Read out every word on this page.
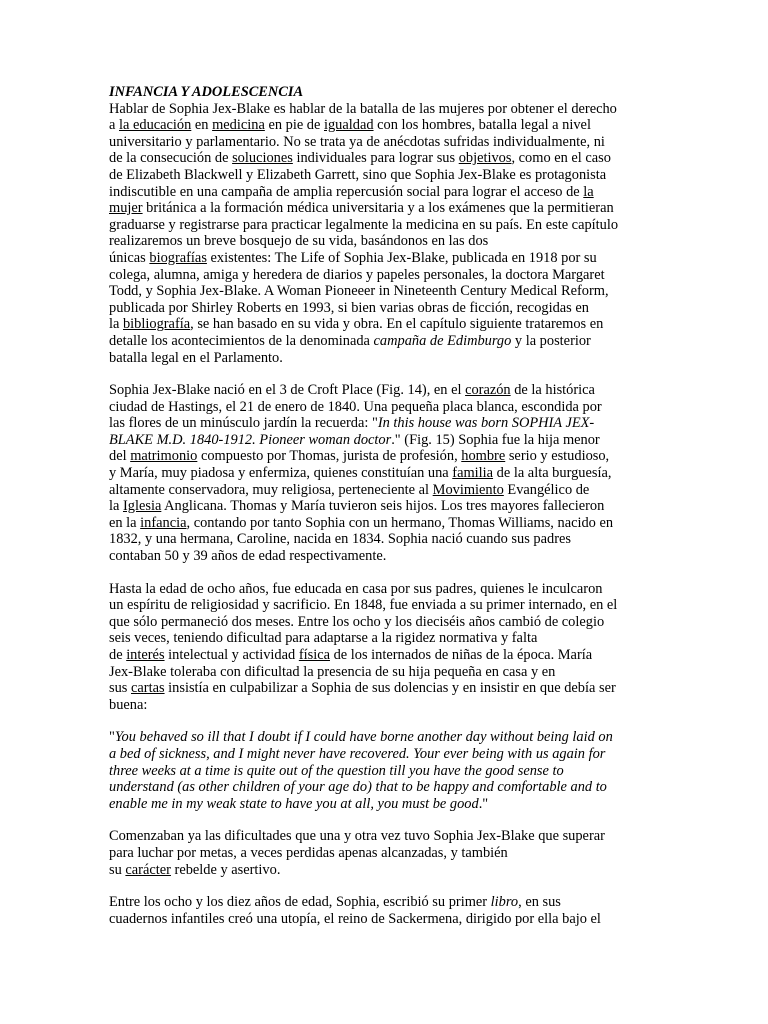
INFANCIA Y ADOLESCENCIA
Hablar de Sophia Jex-Blake es hablar de la batalla de las mujeres por obtener el derecho
a la educación en medicina en pie de igualdad con los hombres, batalla legal a nivel
universitario y parlamentario. No se trata ya de anécdotas sufridas individualmente, ni
de la consecución de soluciones individuales para lograr sus objetivos, como en el caso
de Elizabeth Blackwell y Elizabeth Garrett, sino que Sophia Jex-Blake es protagonista
indiscutible en una campaña de amplia repercusión social para lograr el acceso de la
mujer británica a la formación médica universitaria y a los exámenes que la permitieran
graduarse y registrarse para practicar legalmente la medicina en su país. En este capítulo
realizaremos un breve bosquejo de su vida, basándonos en las dos
únicas biografías existentes: The Life of Sophia Jex-Blake, publicada en 1918 por su
colega, alumna, amiga y heredera de diarios y papeles personales, la doctora Margaret
Todd, y Sophia Jex-Blake. A Woman Pioneeer in Nineteenth Century Medical Reform,
publicada por Shirley Roberts en 1993, si bien varias obras de ficción, recogidas en
la bibliografía, se han basado en su vida y obra. En el capítulo siguiente trataremos en
detalle los acontecimientos de la denominada campaña de Edimburgo y la posterior
batalla legal en el Parlamento.
Sophia Jex-Blake nació en el 3 de Croft Place (Fig. 14), en el corazón de la histórica
ciudad de Hastings, el 21 de enero de 1840. Una pequeña placa blanca, escondida por
las flores de un minúsculo jardín la recuerda: "In this house was born SOPHIA JEX-
BLAKE M.D. 1840-1912. Pioneer woman doctor." (Fig. 15) Sophia fue la hija menor
del matrimonio compuesto por Thomas, jurista de profesión, hombre serio y estudioso,
y María, muy piadosa y enfermiza, quienes constituían una familia de la alta burguesía,
altamente conservadora, muy religiosa, perteneciente al Movimiento Evangélico de
la Iglesia Anglicana. Thomas y María tuvieron seis hijos. Los tres mayores fallecieron
en la infancia, contando por tanto Sophia con un hermano, Thomas Williams, nacido en
1832, y una hermana, Caroline, nacida en 1834. Sophia nació cuando sus padres
contaban 50 y 39 años de edad respectivamente.
Hasta la edad de ocho años, fue educada en casa por sus padres, quienes le inculcaron
un espíritu de religiosidad y sacrificio. En 1848, fue enviada a su primer internado, en el
que sólo permaneció dos meses. Entre los ocho y los dieciséis años cambió de colegio
seis veces, teniendo dificultad para adaptarse a la rigidez normativa y falta
de interés intelectual y actividad física de los internados de niñas de la época. María
Jex-Blake toleraba con dificultad la presencia de su hija pequeña en casa y en
sus cartas insistía en culpabilizar a Sophia de sus dolencias y en insistir en que debía ser
buena:
"You behaved so ill that I doubt if I could have borne another day without being laid on
a bed of sickness, and I might never have recovered. Your ever being with us again for
three weeks at a time is quite out of the question till you have the good sense to
understand (as other children of your age do) that to be happy and comfortable and to
enable me in my weak state to have you at all, you must be good."
Comenzaban ya las dificultades que una y otra vez tuvo Sophia Jex-Blake que superar
para luchar por metas, a veces perdidas apenas alcanzadas, y también
su carácter rebelde y asertivo.
Entre los ocho y los diez años de edad, Sophia, escribió su primer libro, en sus
cuadernos infantiles creó una utopía, el reino de Sackermena, dirigido por ella bajo el
